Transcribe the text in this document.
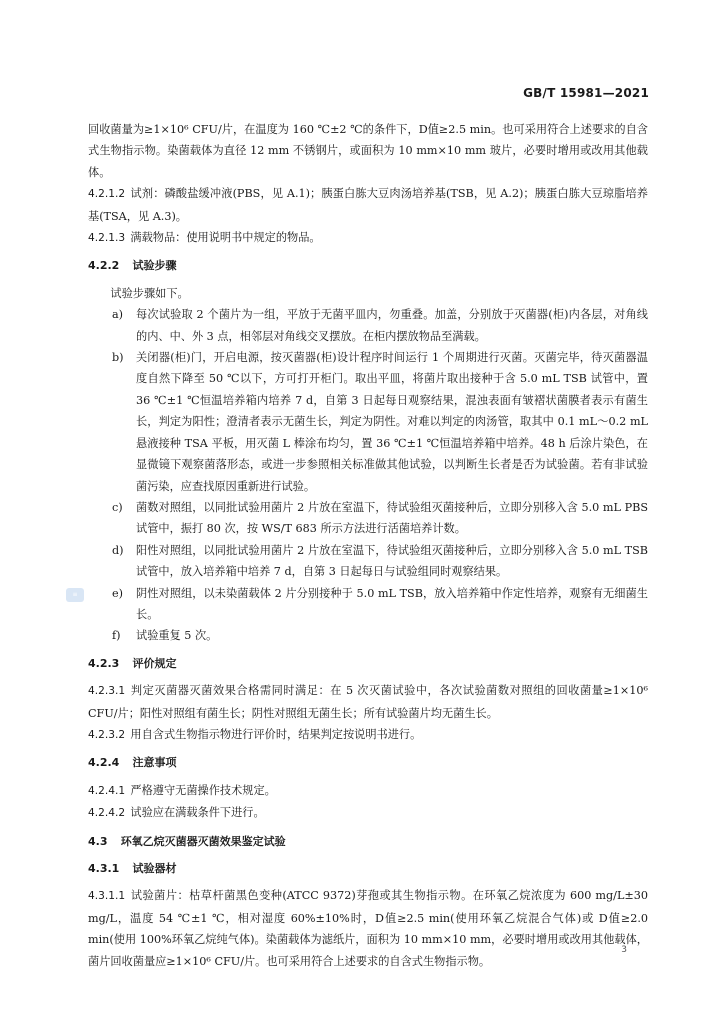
GB/T 15981—2021
≡

回收菌量为≥1×10⁶ CFU/片，在温度为 160 ℃±2 ℃的条件下，D值≥2.5 min。也可采用符合上述要求的自含式生物指示物。染菌载体为直径 12 mm 不锈钢片，或面积为 10 mm×10 mm 玻片，必要时增用或改用其他载体。

4.2.1.2 试剂：磷酸盐缓冲液(PBS，见 A.1)；胰蛋白胨大豆肉汤培养基(TSB，见 A.2)；胰蛋白胨大豆琼脂培养基(TSA，见 A.3)。

4.2.1.3 满载物品：使用说明书中规定的物品。

4.2.2 试验步骤

试验步骤如下。

a) 每次试验取 2 个菌片为一组，平放于无菌平皿内，勿重叠。加盖，分别放于灭菌器(柜)内各层，对角线的内、中、外 3 点，相邻层对角线交叉摆放。在柜内摆放物品至满载。
b) 关闭器(柜)门，开启电源，按灭菌器(柜)设计程序时间运行 1 个周期进行灭菌。灭菌完毕，待灭菌器温度自然下降至 50 ℃以下，方可打开柜门。取出平皿，将菌片取出接种于含 5.0 mL TSB 试管中，置 36 ℃±1 ℃恒温培养箱内培养 7 d，自第 3 日起每日观察结果，混浊表面有皱褶状菌膜者表示有菌生长，判定为阳性；澄清者表示无菌生长，判定为阴性。对难以判定的肉汤管，取其中 0.1 mL～0.2 mL 悬液接种 TSA 平板，用灭菌 L 棒涂布均匀，置 36 ℃±1 ℃恒温培养箱中培养。48 h 后涂片染色，在显微镜下观察菌落形态，或进一步参照相关标准做其他试验，以判断生长者是否为试验菌。若有非试验菌污染，应查找原因重新进行试验。
c) 菌数对照组，以同批试验用菌片 2 片放在室温下，待试验组灭菌接种后，立即分别移入含 5.0 mL PBS 试管中，振打 80 次，按 WS/T 683 所示方法进行活菌培养计数。
d) 阳性对照组，以同批试验用菌片 2 片放在室温下，待试验组灭菌接种后，立即分别移入含 5.0 mL TSB 试管中，放入培养箱中培养 7 d，自第 3 日起每日与试验组同时观察结果。
e) 阴性对照组，以未染菌载体 2 片分别接种于 5.0 mL TSB，放入培养箱中作定性培养，观察有无细菌生长。
f) 试验重复 5 次。
4.2.3 评价规定

4.2.3.1 判定灭菌器灭菌效果合格需同时满足：在 5 次灭菌试验中，各次试验菌数对照组的回收菌量≥1×10⁶ CFU/片；阳性对照组有菌生长；阴性对照组无菌生长；所有试验菌片均无菌生长。

4.2.3.2 用自含式生物指示物进行评价时，结果判定按说明书进行。

4.2.4 注意事项

4.2.4.1 严格遵守无菌操作技术规定。

4.2.4.2 试验应在满载条件下进行。

4.3 环氧乙烷灭菌器灭菌效果鉴定试验
4.3.1 试验器材

4.3.1.1 试验菌片：枯草杆菌黑色变种(ATCC 9372)芽孢或其生物指示物。在环氧乙烷浓度为 600 mg/L±30 mg/L，温度 54 ℃±1 ℃，相对湿度 60%±10%时，D值≥2.5 min(使用环氧乙烷混合气体)或 D值≥2.0 min(使用 100%环氧乙烷纯气体)。染菌载体为滤纸片，面积为 10 mm×10 mm，必要时增用或改用其他载体，菌片回收菌量应≥1×10⁶ CFU/片。也可采用符合上述要求的自含式生物指示物。

3
